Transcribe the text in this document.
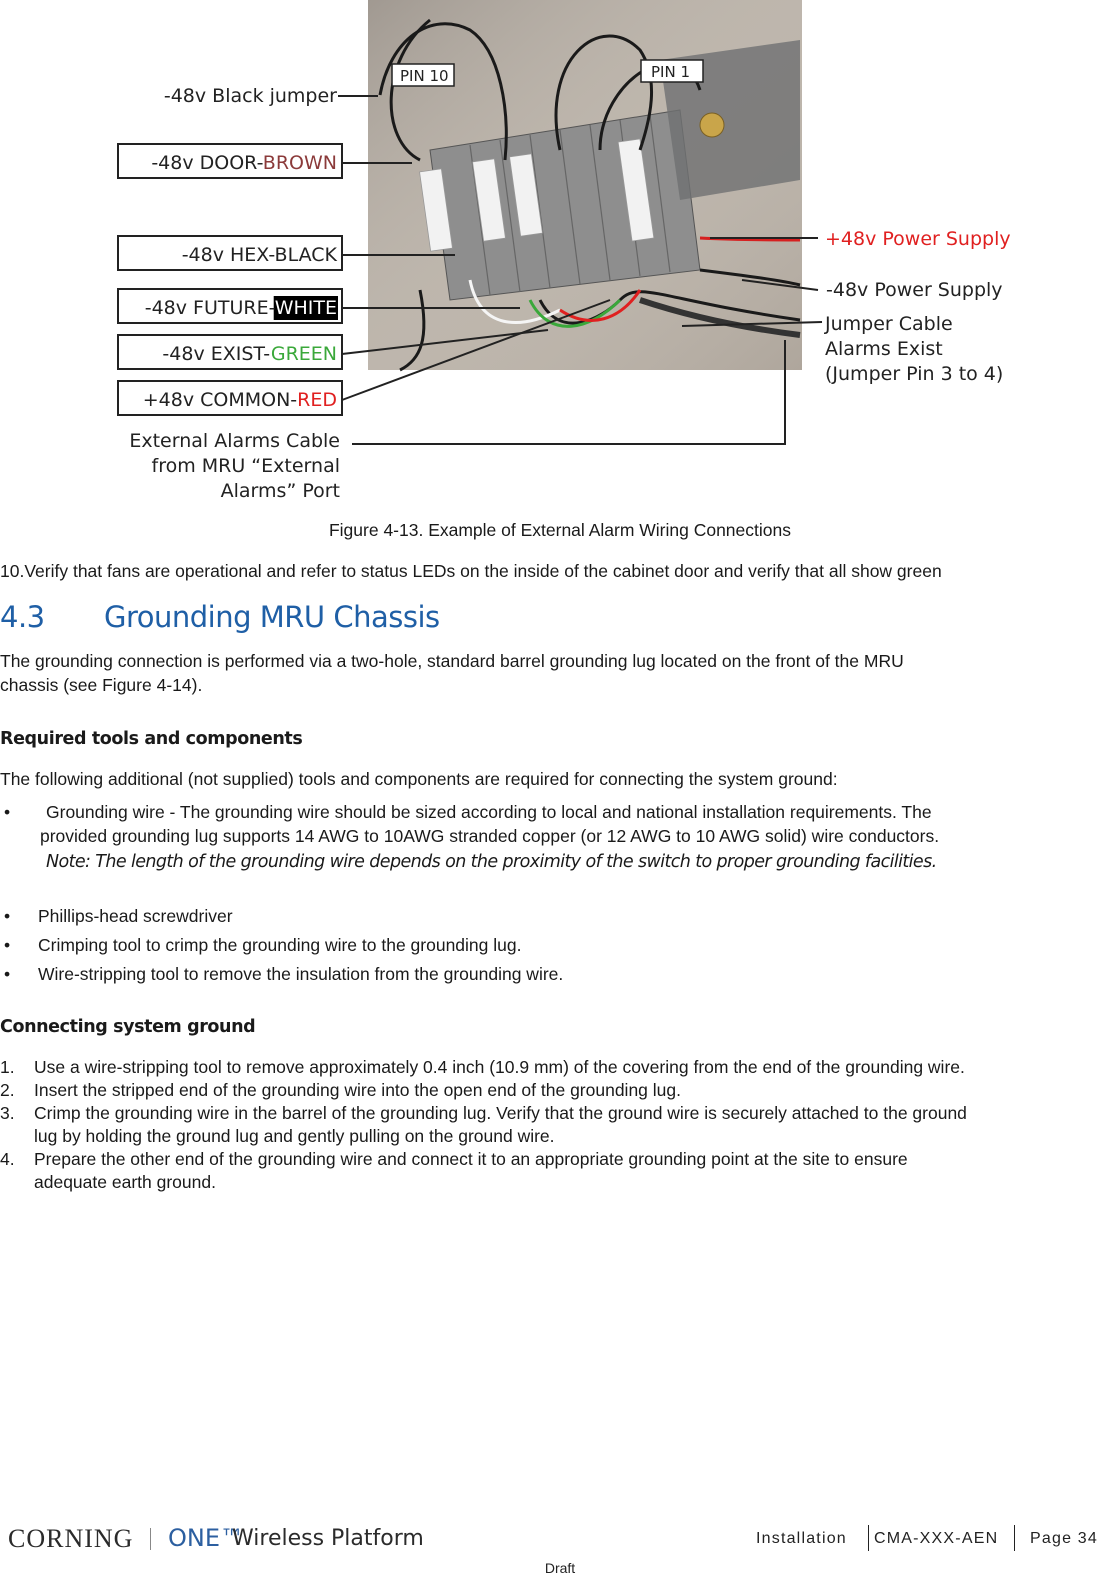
PIN 10	PIN 1
-48v Black jumper
-48v DOOR-BROWN
-48v HEX-BLACK
-48v FUTURE-WHITE
-48v EXIST-GREEN
+48v COMMON-RED
External Alarms Cable
from MRU “External
Alarms” Port
+48v Power Supply
-48v Power Supply
Jumper Cable
Alarms Exist
(Jumper Pin 3 to 4)
Figure 4-13. Example of External Alarm Wiring Connections
10.Verify that fans are operational and refer to status LEDs on the inside of the cabinet door and verify that all show green
4.3 Grounding MRU Chassis
The grounding connection is performed via a two-hole, standard barrel grounding lug located on the front of the MRU
chassis (see Figure 4-14).
Required tools and components
The following additional (not supplied) tools and components are required for connecting the system ground:
• Grounding wire - The grounding wire should be sized according to local and national installation requirements. The
provided grounding lug supports 14 AWG to 10AWG stranded copper (or 12 AWG to 10 AWG solid) wire conductors.
Note: The length of the grounding wire depends on the proximity of the switch to proper grounding facilities.
• Phillips-head screwdriver
• Crimping tool to crimp the grounding wire to the grounding lug.
• Wire-stripping tool to remove the insulation from the grounding wire.
Connecting system ground
1. Use a wire-stripping tool to remove approximately 0.4 inch (10.9 mm) of the covering from the end of the grounding wire.
2. Insert the stripped end of the grounding wire into the open end of the grounding lug.
3. Crimp the grounding wire in the barrel of the grounding lug. Verify that the ground wire is securely attached to the ground
lug by holding the ground lug and gently pulling on the ground wire.
4. Prepare the other end of the grounding wire and connect it to an appropriate grounding point at the site to ensure
adequate earth ground.
CORNING ONE™
Wireless Platform	Installation CMA-XXX-AEN Page 34
Draft
